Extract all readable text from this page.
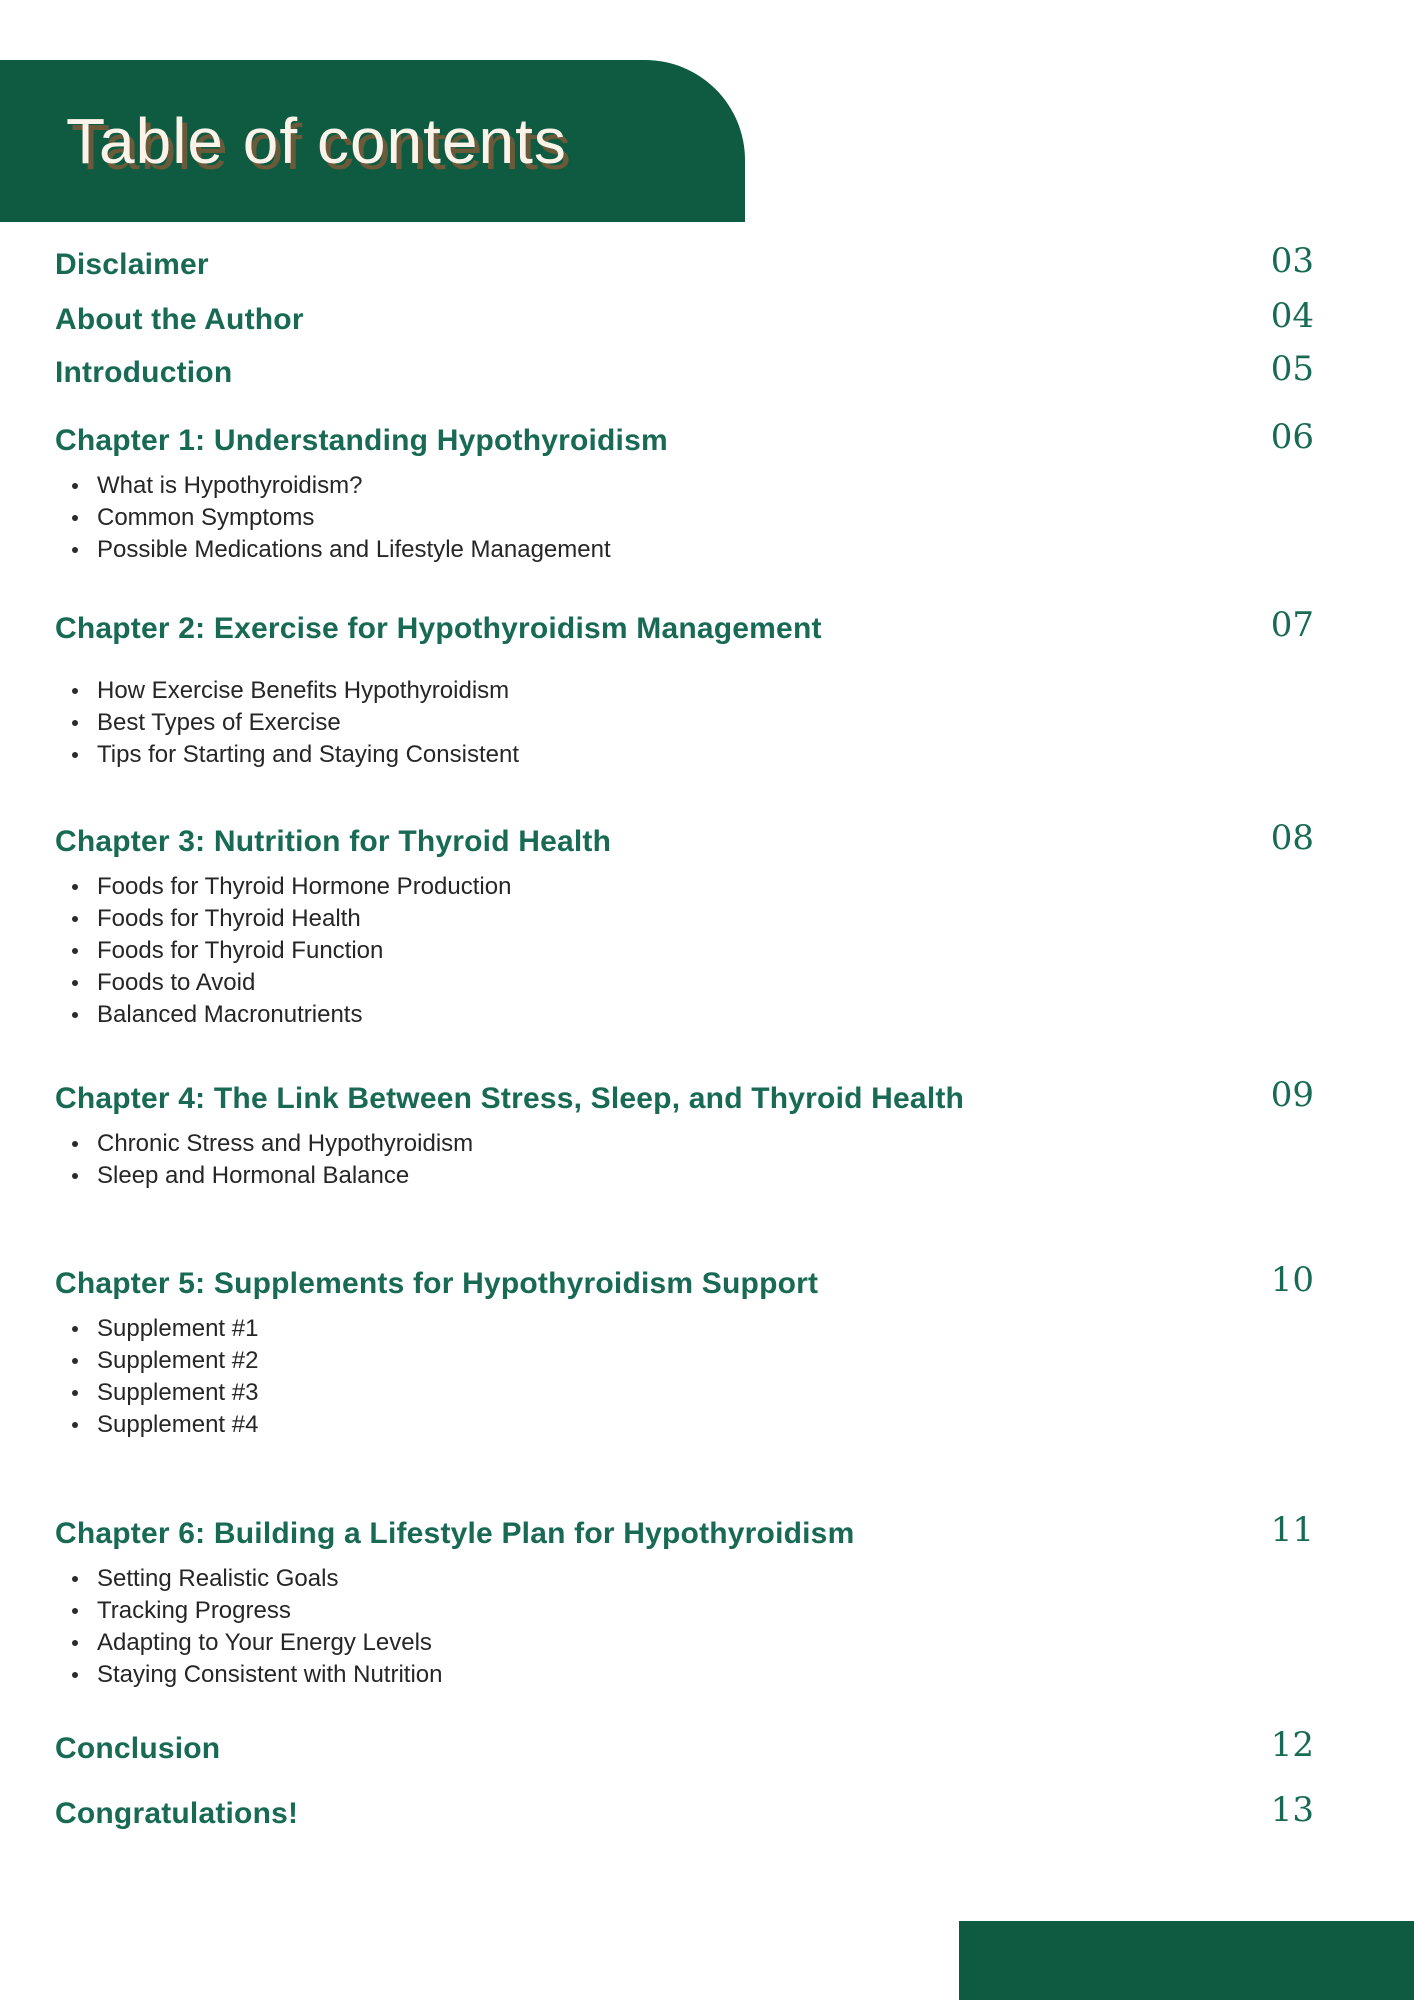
Table of contents
Disclaimer	03
About the Author	04
Introduction	05
Chapter 1: Understanding Hypothyroidism	06
What is Hypothyroidism?
Common Symptoms
Possible Medications and Lifestyle Management
Chapter 2: Exercise for Hypothyroidism Management	07
How Exercise Benefits Hypothyroidism
Best Types of Exercise
Tips for Starting and Staying Consistent
Chapter 3: Nutrition for Thyroid Health	08
Foods for Thyroid Hormone Production
Foods for Thyroid Health
Foods for Thyroid Function
Foods to Avoid
Balanced Macronutrients
Chapter 4: The Link Between Stress, Sleep, and Thyroid Health	09
Chronic Stress and Hypothyroidism
Sleep and Hormonal Balance
Chapter 5: Supplements for Hypothyroidism Support	10
Supplement #1
Supplement #2
Supplement #3
Supplement #4
Chapter 6: Building a Lifestyle Plan for Hypothyroidism	11
Setting Realistic Goals
Tracking Progress
Adapting to Your Energy Levels
Staying Consistent with Nutrition
Conclusion	12
Congratulations!	13
